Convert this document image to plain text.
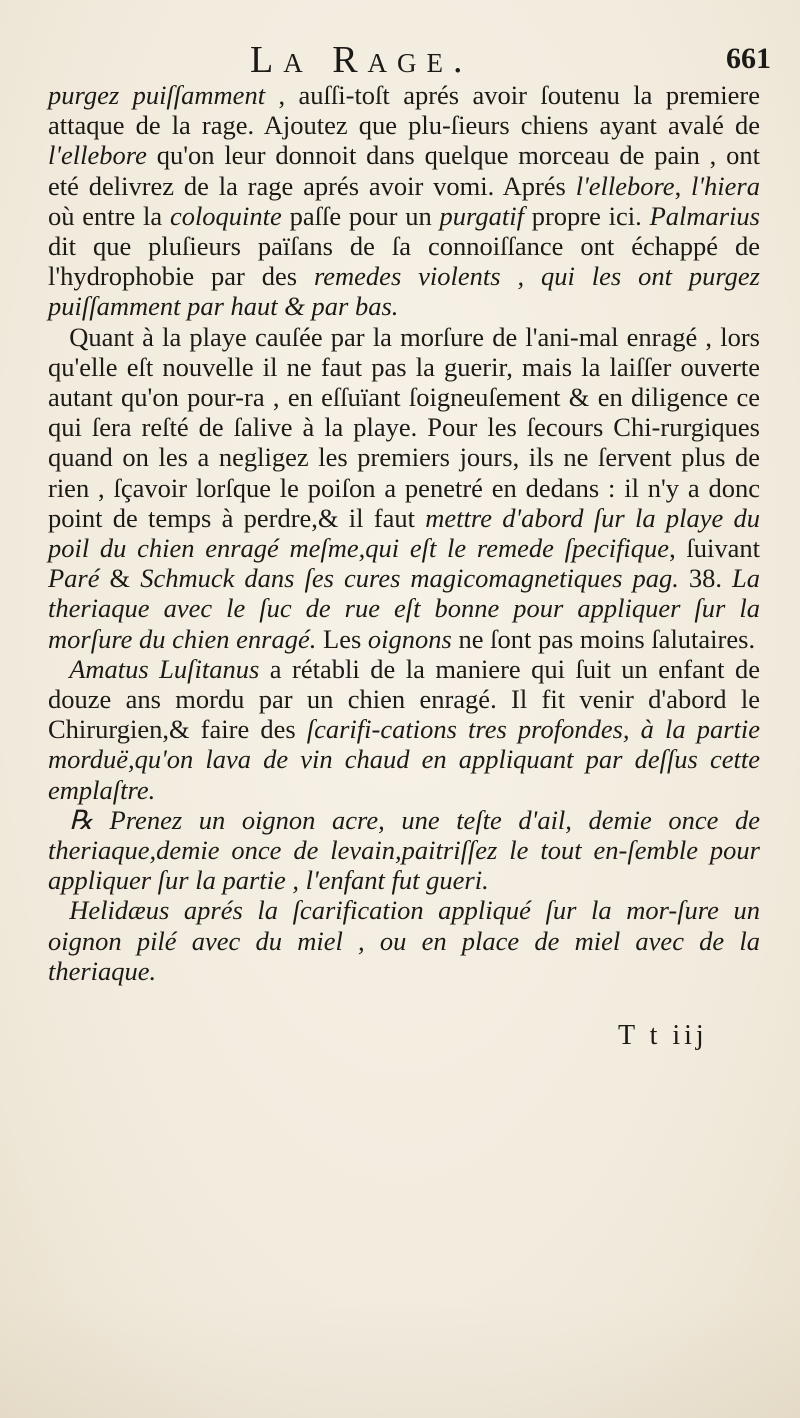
La Rage.	661

purgez puiſſamment , auſſi-toſt aprés avoir ſoutenu la premiere attaque de la rage. Ajoutez que plu-ſieurs chiens ayant avalé de l'ellebore qu'on leur donnoit dans quelque morceau de pain , ont eté delivrez de la rage aprés avoir vomi. Aprés l'ellebore, l'hiera où entre la coloquinte paſſe pour un purgatif propre ici. Palmarius dit que pluſieurs païſans de ſa connoiſſance ont échappé de l'hydrophobie par des remedes violents , qui les ont purgez puiſſamment par haut & par bas.

Quant à la playe cauſée par la morſure de l'ani-mal enragé , lors qu'elle eſt nouvelle il ne faut pas la guerir, mais la laiſſer ouverte autant qu'on pour-ra , en eſſuïant ſoigneuſement & en diligence ce qui ſera reſté de ſalive à la playe. Pour les ſecours Chi-rurgiques quand on les a negligez les premiers jours, ils ne ſervent plus de rien , ſçavoir lorſque le poiſon a penetré en dedans : il n'y a donc point de temps à perdre,& il faut mettre d'abord ſur la playe du poil du chien enragé meſme,qui eſt le remede ſpecifique, ſuivant Paré & Schmuck dans ſes cures magicomagnetiques pag. 38. La theriaque avec le ſuc de rue eſt bonne pour appliquer ſur la morſure du chien enragé. Les oignons ne ſont pas moins ſalutaires.

Amatus Luſitanus a rétabli de la maniere qui ſuit un enfant de douze ans mordu par un chien enragé. Il fit venir d'abord le Chirurgien,& faire des ſcarifi-cations tres profondes, à la partie morduë,qu'on lava de vin chaud en appliquant par deſſus cette emplaſtre.

℞ Prenez un oignon acre, une teſte d'ail, demie once de theriaque,demie once de levain,paitriſſez le tout en-ſemble pour appliquer ſur la partie , l'enfant fut gueri.

Helidæus aprés la ſcarification appliqué ſur la mor-ſure un oignon pilé avec du miel , ou en place de miel avec de la theriaque.

T t iij
